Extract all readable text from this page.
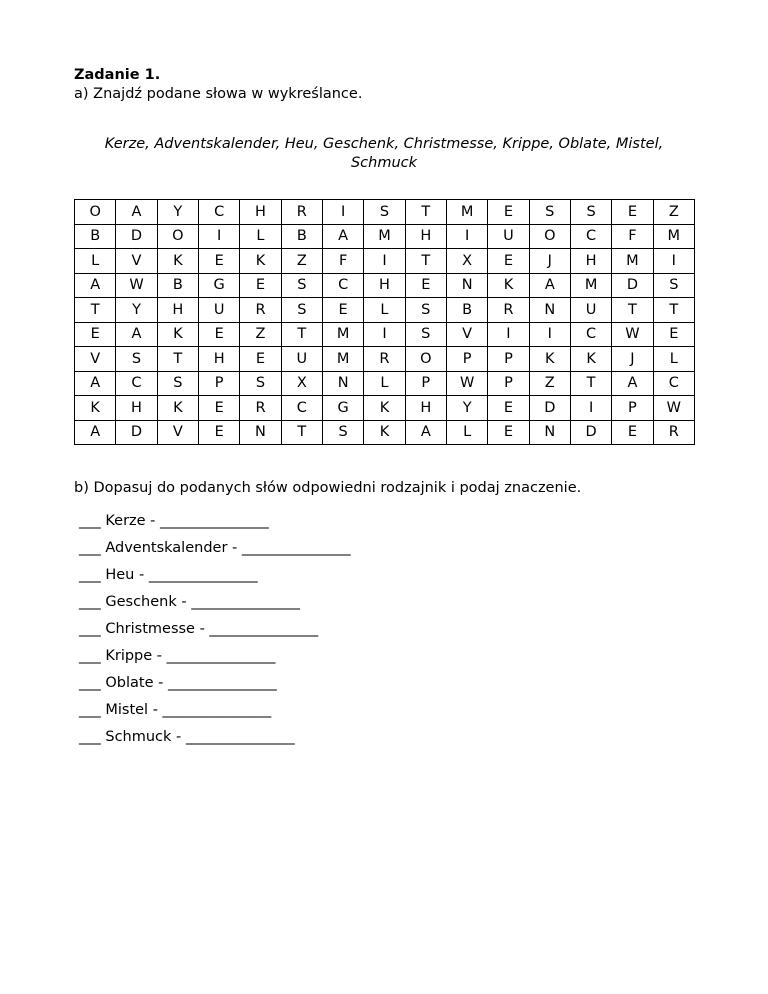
Zadanie 1.
a) Znajdź podane słowa w wykreślance.
Kerze, Adventskalender, Heu, Geschenk, Christmesse, Krippe, Oblate, Mistel, Schmuck
O	A	Y	C	H	R	I	S	T	M	E	S	S	E	Z
B	D	O	I	L	B	A	M	H	I	U	O	C	F	M
L	V	K	E	K	Z	F	I	T	X	E	J	H	M	I
A	W	B	G	E	S	C	H	E	N	K	A	M	D	S
T	Y	H	U	R	S	E	L	S	B	R	N	U	T	T
E	A	K	E	Z	T	M	I	S	V	I	I	C	W	E
V	S	T	H	E	U	M	R	O	P	P	K	K	J	L
A	C	S	P	S	X	N	L	P	W	P	Z	T	A	C
K	H	K	E	R	C	G	K	H	Y	E	D	I	P	W
A	D	V	E	N	T	S	K	A	L	E	N	D	E	R
b) Dopasuj do podanych słów odpowiedni rodzajnik i podaj znaczenie.
___ Kerze - _______________
___ Adventskalender - _______________
___ Heu - _______________
___ Geschenk - _______________
___ Christmesse - _______________
___ Krippe - _______________
___ Oblate - _______________
___ Mistel - _______________
___ Schmuck - _______________
